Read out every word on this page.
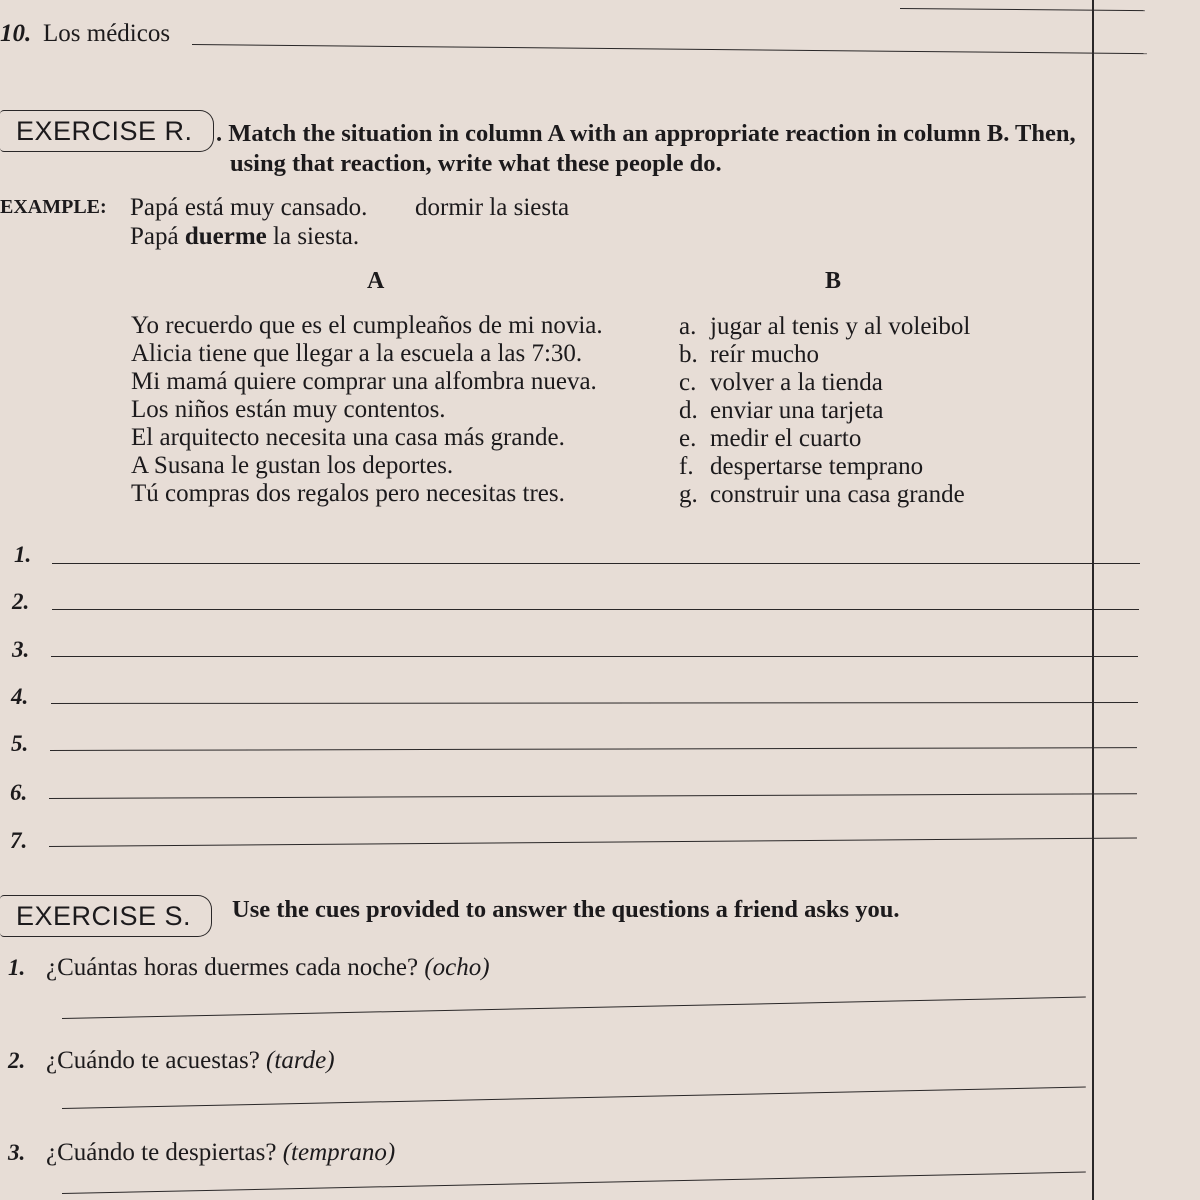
10. Los médicos
EXERCISE R. . Match the situation in column A with an appropriate reaction in column B. Then,
using that reaction, write what these people do.
EXAMPLE: Papá está muy cansado. dormir la siesta
Papá duerme la siesta.
A	B
Yo recuerdo que es el cumpleaños de mi novia.
Alicia tiene que llegar a la escuela a las 7:30.
Mi mamá quiere comprar una alfombra nueva.
Los niños están muy contentos.
El arquitecto necesita una casa más grande.
A Susana le gustan los deportes.
Tú compras dos regalos pero necesitas tres.
a. jugar al tenis y al voleibol
b. reír mucho
c. volver a la tienda
d. enviar una tarjeta
e. medir el cuarto
f. despertarse temprano
g. construir una casa grande
1.
2.
3.
4.
5.
6.
7.
EXERCISE S.	Use the cues provided to answer the questions a friend asks you.
1. ¿Cuántas horas duermes cada noche? (ocho)
2. ¿Cuándo te acuestas? (tarde)
3. ¿Cuándo te despiertas? (temprano)
